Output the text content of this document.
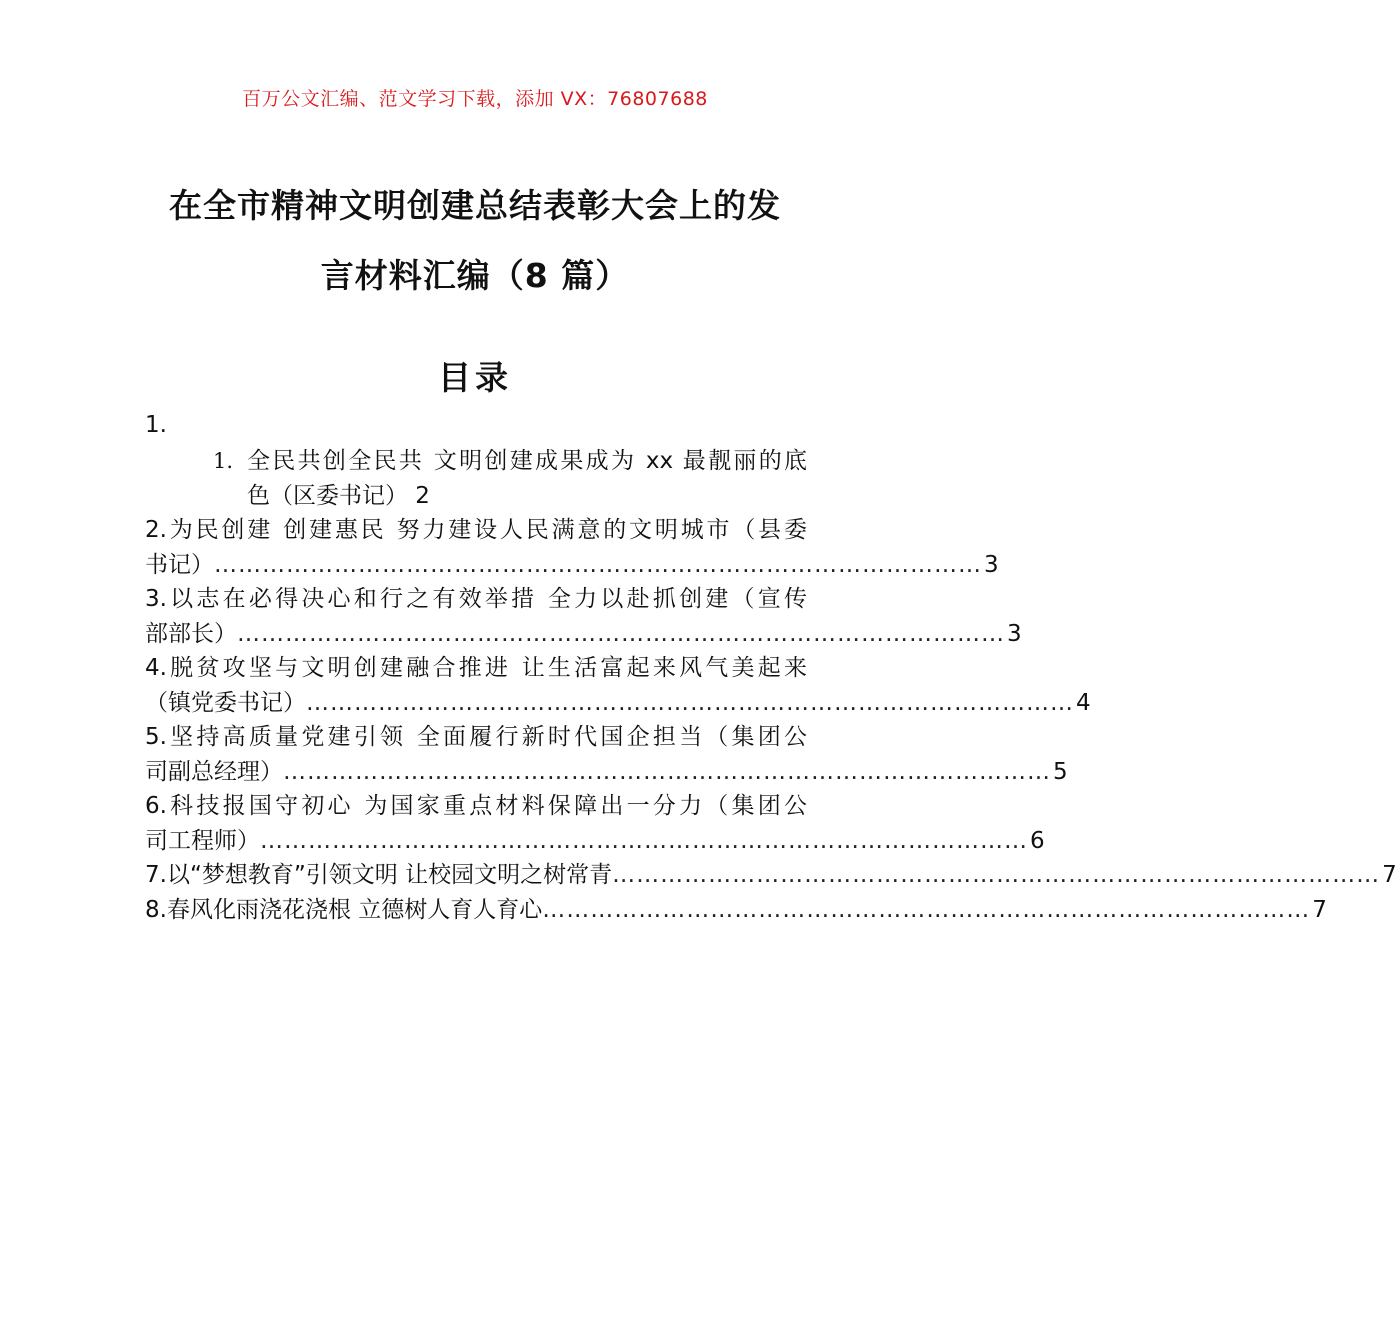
百万公文汇编、范文学习下载，添加 VX：76807688
在全市精神文明创建总结表彰大会上的发
言材料汇编（8 篇）
目录
1.
1. 全民共创全民共 文明创建成果成为 xx 最靓丽的底
色（区委书记） 2
2.为民创建 创建惠民 努力建设人民满意的文明城市（县委
书记） …………………………………………………………………………………… 3
3.以志在必得决心和行之有效举措 全力以赴抓创建（宣传
部部长） …………………………………………………………………………………… 3
4.脱贫攻坚与文明创建融合推进 让生活富起来风气美起来
（镇党委书记） …………………………………………………………………………………… 4
5.坚持高质量党建引领 全面履行新时代国企担当（集团公
司副总经理） …………………………………………………………………………………… 5
6.科技报国守初心 为国家重点材料保障出一分力（集团公
司工程师） …………………………………………………………………………………… 6
7.以“梦想教育”引领文明 让校园文明之树常青 …………………………………………………………………………………… 7
8.春风化雨浇花浇根 立德树人育人育心 …………………………………………………………………………………… 7
